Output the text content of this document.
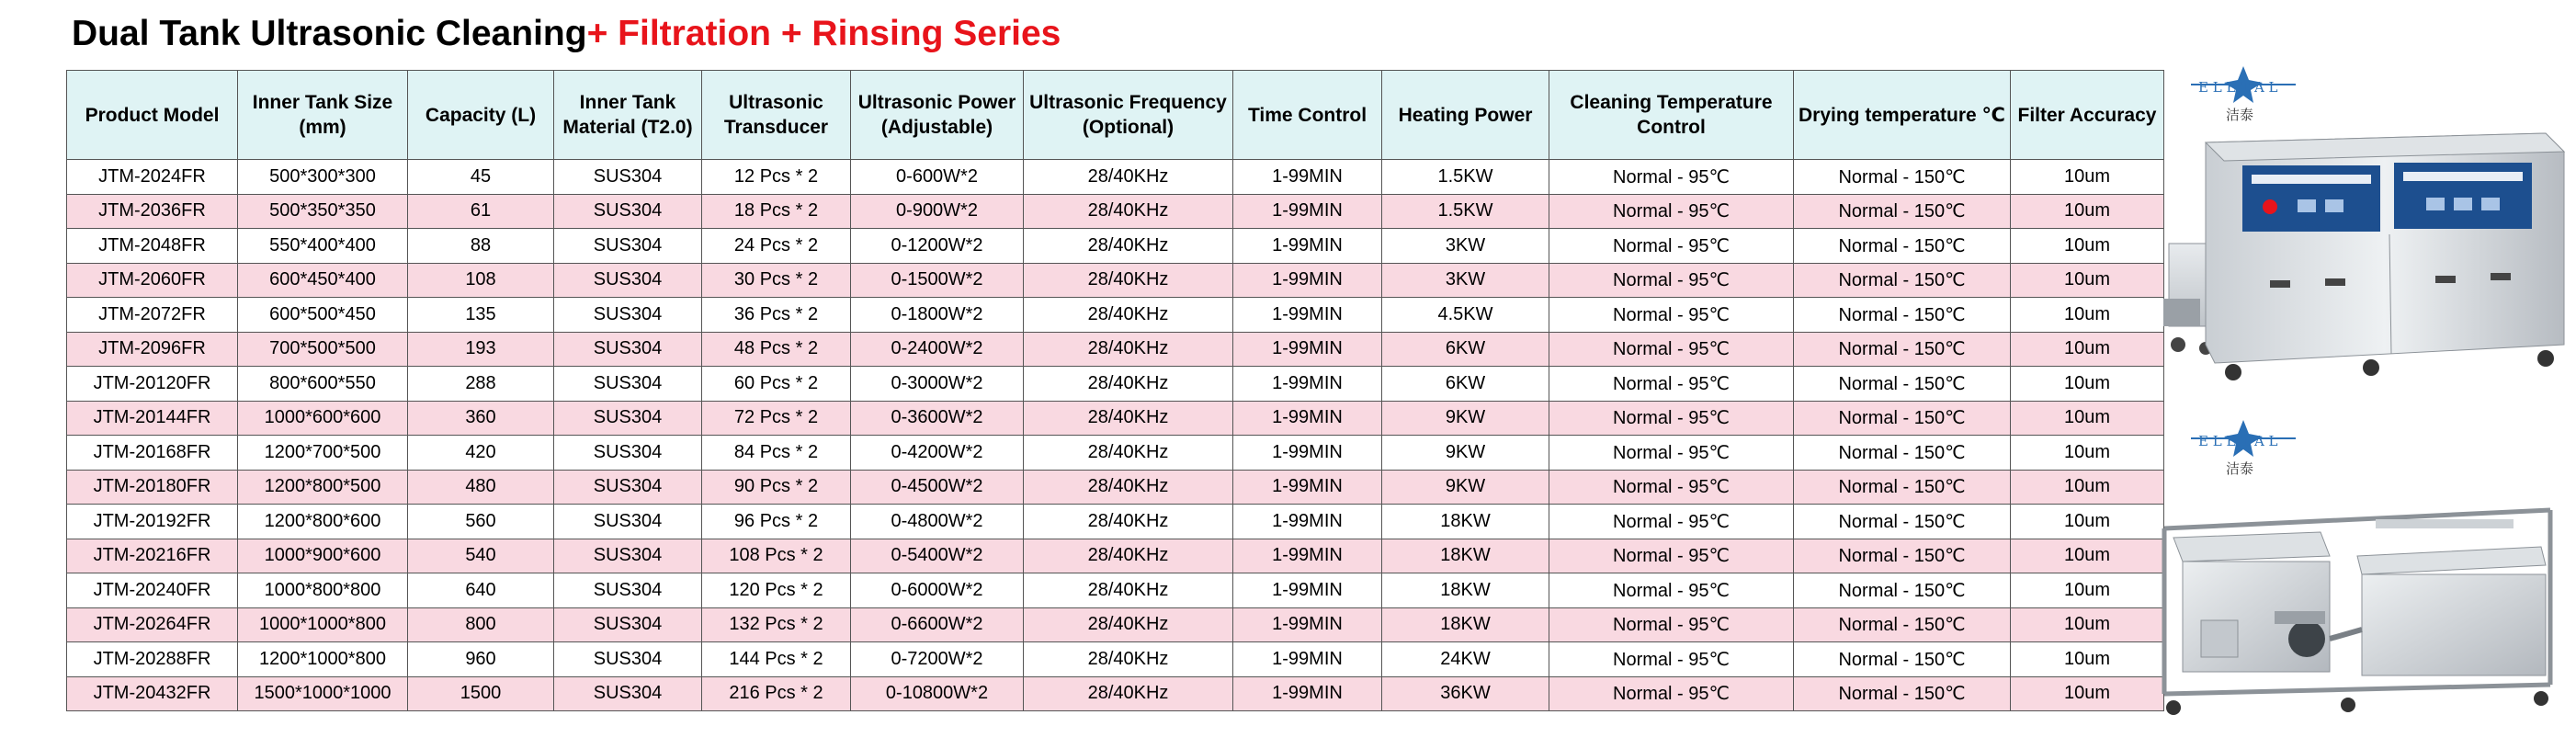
Dual Tank Ultrasonic Cleaning+ Filtration + Rinsing Series
Product Model	Inner Tank Size (mm)	Capacity (L)	Inner Tank Material (T2.0)	Ultrasonic Transducer	Ultrasonic Power (Adjustable)	Ultrasonic Frequency (Optional)	Time Control	Heating Power	Cleaning Temperature Control	Drying temperature ℃	Filter Accuracy
JTM-2024FR	500*300*300	45	SUS304	12 Pcs * 2	0-600W*2	28/40KHz	1-99MIN	1.5KW	Normal - 95℃	Normal - 150℃	10um
JTM-2036FR	500*350*350	61	SUS304	18 Pcs * 2	0-900W*2	28/40KHz	1-99MIN	1.5KW	Normal - 95℃	Normal - 150℃	10um
JTM-2048FR	550*400*400	88	SUS304	24 Pcs * 2	0-1200W*2	28/40KHz	1-99MIN	3KW	Normal - 95℃	Normal - 150℃	10um
JTM-2060FR	600*450*400	108	SUS304	30 Pcs * 2	0-1500W*2	28/40KHz	1-99MIN	3KW	Normal - 95℃	Normal - 150℃	10um
JTM-2072FR	600*500*450	135	SUS304	36 Pcs * 2	0-1800W*2	28/40KHz	1-99MIN	4.5KW	Normal - 95℃	Normal - 150℃	10um
JTM-2096FR	700*500*500	193	SUS304	48 Pcs * 2	0-2400W*2	28/40KHz	1-99MIN	6KW	Normal - 95℃	Normal - 150℃	10um
JTM-20120FR	800*600*550	288	SUS304	60 Pcs * 2	0-3000W*2	28/40KHz	1-99MIN	6KW	Normal - 95℃	Normal - 150℃	10um
JTM-20144FR	1000*600*600	360	SUS304	72 Pcs * 2	0-3600W*2	28/40KHz	1-99MIN	9KW	Normal - 95℃	Normal - 150℃	10um
JTM-20168FR	1200*700*500	420	SUS304	84 Pcs * 2	0-4200W*2	28/40KHz	1-99MIN	9KW	Normal - 95℃	Normal - 150℃	10um
JTM-20180FR	1200*800*500	480	SUS304	90 Pcs * 2	0-4500W*2	28/40KHz	1-99MIN	9KW	Normal - 95℃	Normal - 150℃	10um
JTM-20192FR	1200*800*600	560	SUS304	96 Pcs * 2	0-4800W*2	28/40KHz	1-99MIN	18KW	Normal - 95℃	Normal - 150℃	10um
JTM-20216FR	1000*900*600	540	SUS304	108 Pcs * 2	0-5400W*2	28/40KHz	1-99MIN	18KW	Normal - 95℃	Normal - 150℃	10um
JTM-20240FR	1000*800*800	640	SUS304	120 Pcs * 2	0-6000W*2	28/40KHz	1-99MIN	18KW	Normal - 95℃	Normal - 150℃	10um
JTM-20264FR	1000*1000*800	800	SUS304	132 Pcs * 2	0-6600W*2	28/40KHz	1-99MIN	18KW	Normal - 95℃	Normal - 150℃	10um
JTM-20288FR	1200*1000*800	960	SUS304	144 Pcs * 2	0-7200W*2	28/40KHz	1-99MIN	24KW	Normal - 95℃	Normal - 150℃	10um
JTM-20432FR	1500*1000*1000	1500	SUS304	216 Pcs * 2	0-10800W*2	28/40KHz	1-99MIN	36KW	Normal - 95℃	Normal - 150℃	10um
E L E T A L
洁泰
E L E T A L
洁泰
